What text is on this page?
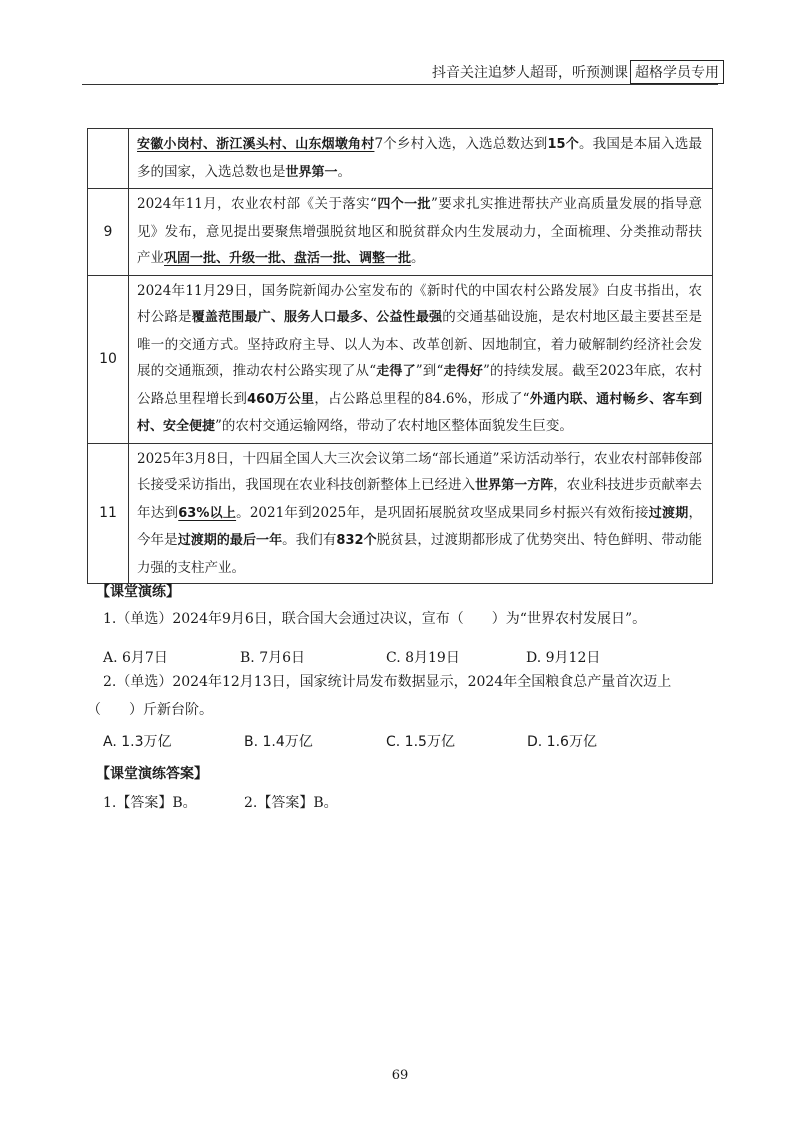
抖音关注追梦人超哥，听预测课 超格学员专用
	安徽小岗村、浙江溪头村、山东烟墩角村7个乡村入选，入选总数达到15个。我国是本届入选最多的国家，入选总数也是世界第一。
9	2024年11月，农业农村部《关于落实“四个一批”要求扎实推进帮扶产业高质量发展的指导意见》发布，意见提出要聚焦增强脱贫地区和脱贫群众内生发展动力，全面梳理、分类推动帮扶产业巩固一批、升级一批、盘活一批、调整一批。
10	2024年11月29日，国务院新闻办公室发布的《新时代的中国农村公路发展》白皮书指出，农村公路是覆盖范围最广、服务人口最多、公益性最强的交通基础设施，是农村地区最主要甚至是唯一的交通方式。坚持政府主导、以人为本、改革创新、因地制宜，着力破解制约经济社会发展的交通瓶颈，推动农村公路实现了从“走得了”到“走得好”的持续发展。截至2023年底，农村公路总里程增长到460万公里，占公路总里程的84.6%，形成了“外通内联、通村畅乡、客车到村、安全便捷”的农村交通运输网络，带动了农村地区整体面貌发生巨变。
11	2025年3月8日，十四届全国人大三次会议第二场“部长通道”采访活动举行，农业农村部韩俊部长接受采访指出，我国现在农业科技创新整体上已经进入世界第一方阵，农业科技进步贡献率去年达到63%以上。2021年到2025年，是巩固拓展脱贫攻坚成果同乡村振兴有效衔接过渡期，今年是过渡期的最后一年。我们有832个脱贫县，过渡期都形成了优势突出、特色鲜明、带动能力强的支柱产业。
【课堂演练】
1.（单选）2024年9月6日，联合国大会通过决议，宣布（　　）为“世界农村发展日”。
A. 6月7日	B. 7月6日	C. 8月19日	D. 9月12日
2.（单选）2024年12月13日，国家统计局发布数据显示，2024年全国粮食总产量首次迈上（　　）斤新台阶。
A. 1.3万亿	B. 1.4万亿	C. 1.5万亿	D. 1.6万亿
【课堂演练答案】
1.【答案】B。	2.【答案】B。
69
